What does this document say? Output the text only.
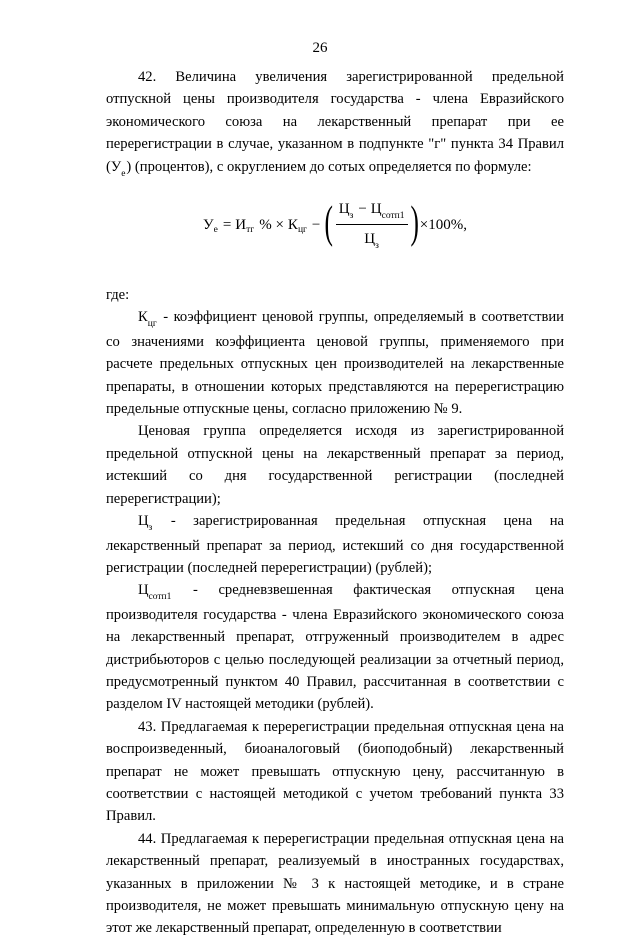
26

42. Величина увеличения зарегистрированной предельной отпускной цены производителя государства - члена Евразийского экономического союза на лекарственный препарат при ее перерегистрации в случае, указанном в подпункте "г" пункта 34 Правил $(У_е)$ (процентов), с округлением до сотых определяется по формуле:

У е = И тг % × К цг − ( $\frac{Ц_з - Ц_{сотп1}}{Ц_з}$ ) ×100%,

где:

$К_{цг}$ - коэффициент ценовой группы, определяемый в соответствии со значениями коэффициента ценовой группы, применяемого при расчете предельных отпускных цен производителей на лекарственные препараты, в отношении которых представляются на перерегистрацию предельные отпускные цены, согласно приложению № 9.

Ценовая группа определяется исходя из зарегистрированной предельной отпускной цены на лекарственный препарат за период, истекший со дня государственной регистрации (последней перерегистрации);

$Ц_з$ - зарегистрированная предельная отпускная цена на лекарственный препарат за период, истекший со дня государственной регистрации (последней перерегистрации) (рублей);

$Ц_{сотп1}$ - средневзвешенная фактическая отпускная цена производителя государства - члена Евразийского экономического союза на лекарственный препарат, отгруженный производителем в адрес дистрибьюторов с целью последующей реализации за отчетный период, предусмотренный пунктом 40 Правил, рассчитанная в соответствии с разделом IV настоящей методики (рублей).

43. Предлагаемая к перерегистрации предельная отпускная цена на воспроизведенный, биоаналоговый (биоподобный) лекарственный препарат не может превышать отпускную цену, рассчитанную в соответствии с настоящей методикой с учетом требований пункта 33 Правил.

44. Предлагаемая к перерегистрации предельная отпускная цена на лекарственный препарат, реализуемый в иностранных государствах, указанных в приложении № 3 к настоящей методике, и в стране производителя, не может превышать минимальную отпускную цену на этот же лекарственный препарат, определенную в соответствии
